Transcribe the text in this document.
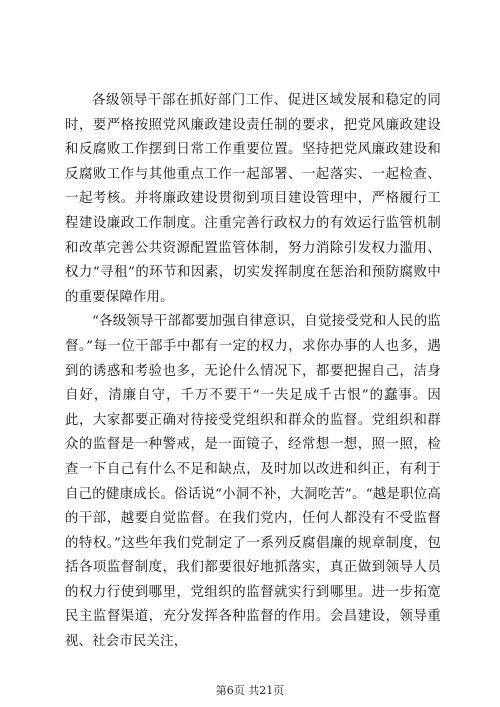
各级领导干部在抓好部门工作、促进区域发展和稳定的同时，要严格按照党风廉政建设责任制的要求，把党风廉政建设和反腐败工作摆到日常工作重要位置。坚持把党风廉政建设和反腐败工作与其他重点工作一起部署、一起落实、一起检查、一起考核。并将廉政建设贯彻到项目建设管理中，严格履行工程建设廉政工作制度。注重完善行政权力的有效运行监管机制和改革完善公共资源配置监管体制，努力消除引发权力滥用、权力“寻租”的环节和因素，切实发挥制度在惩治和预防腐败中的重要保障作用。

“各级领导干部都要加强自律意识，自觉接受党和人民的监督。”每一位干部手中都有一定的权力，求你办事的人也多，遇到的诱惑和考验也多，无论什么情况下，都要把握自己，洁身自好，清廉自守，千万不要干“一失足成千古恨”的蠢事。因此，大家都要正确对待接受党组织和群众的监督。党组织和群众的监督是一种警戒，是一面镜子，经常想一想，照一照，检查一下自己有什么不足和缺点，及时加以改进和纠正，有利于自己的健康成长。俗话说“小洞不补，大洞吃苦”。“越是职位高的干部，越要自觉监督。在我们党内，任何人都没有不受监督的特权。”这些年我们党制定了一系列反腐倡廉的规章制度，包括各项监督制度，我们都要很好地抓落实，真正做到领导人员的权力行使到哪里，党组织的监督就实行到哪里。进一步拓宽民主监督渠道，充分发挥各种监督的作用。会昌建设，领导重视、社会市民关注，

第6页 共21页
